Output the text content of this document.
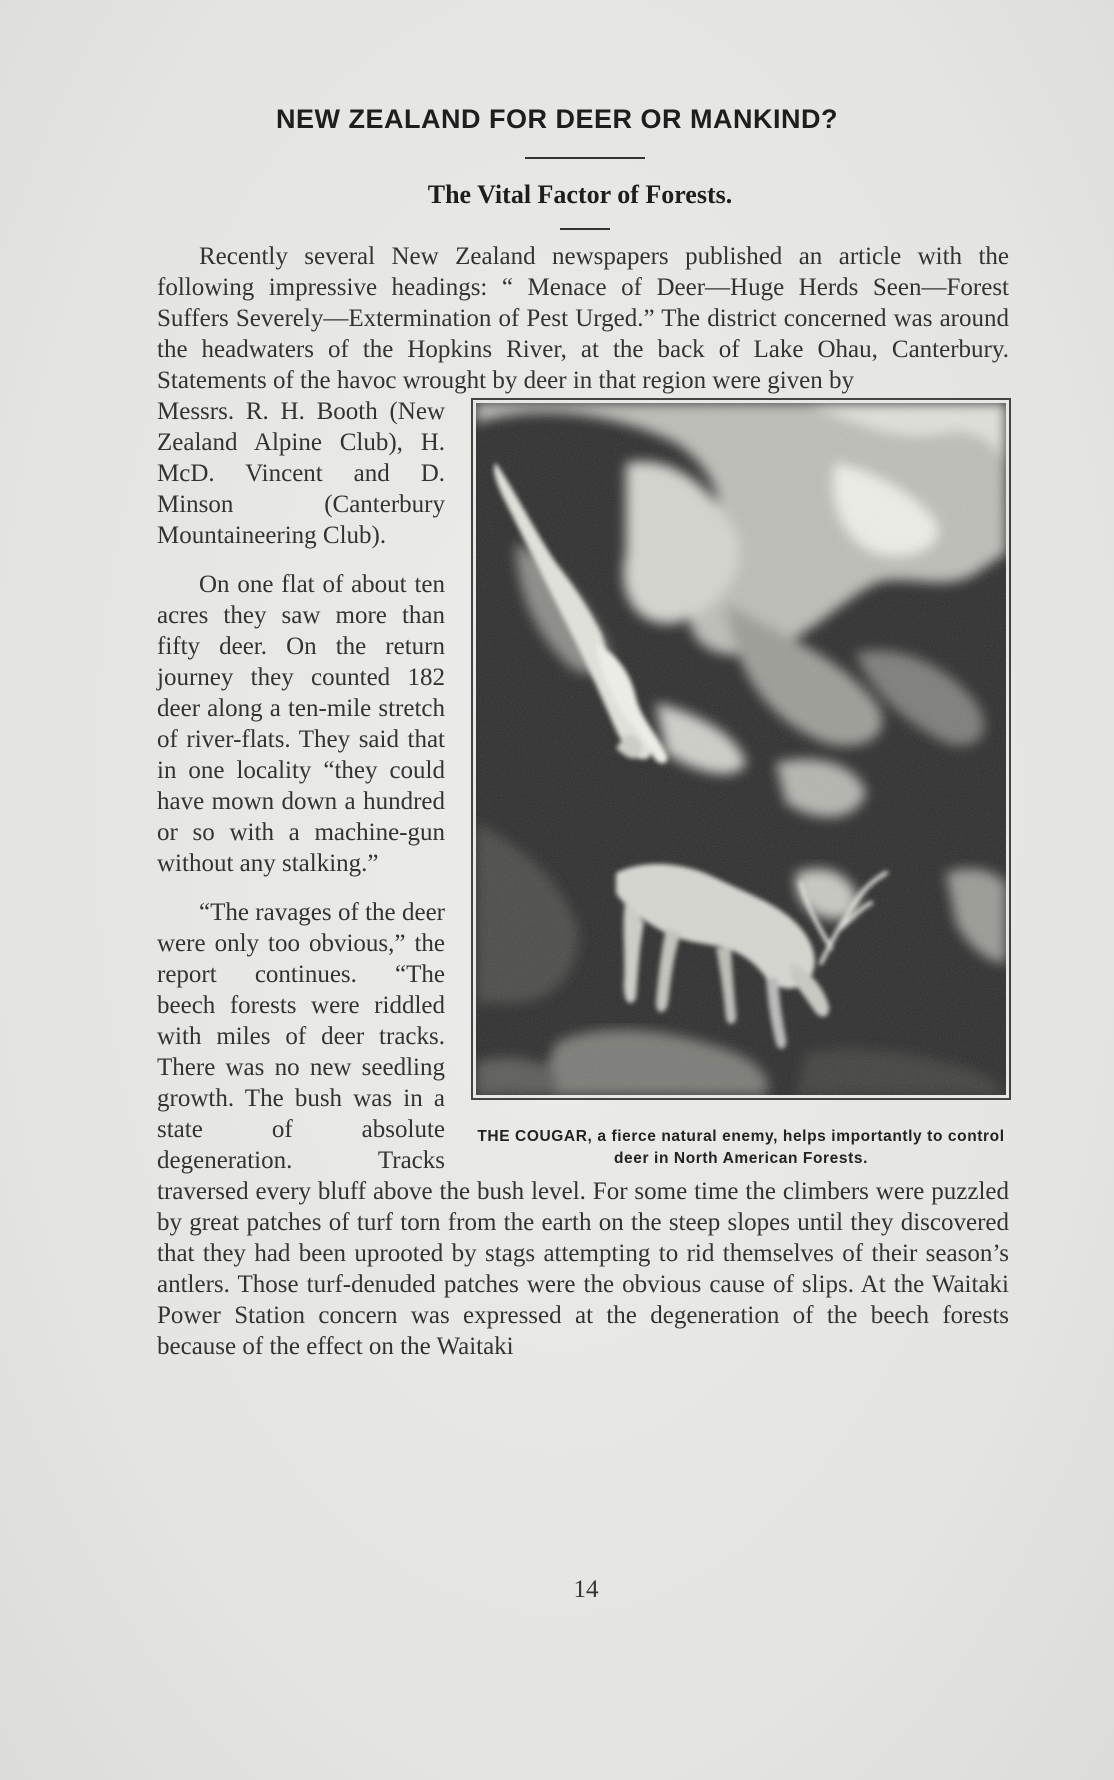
NEW ZEALAND FOR DEER OR MANKIND?
The Vital Factor of Forests.

Recently several New Zealand newspapers published an article with the following impressive headings: “ Menace of Deer—Huge Herds Seen—Forest Suffers Severely—Extermination of Pest Urged.” The district concerned was around the headwaters of the Hopkins River, at the back of Lake Ohau, Canterbury. Statements of the havoc wrought by deer in that region were given by

THE COUGAR, a fierce natural enemy, helps importantly to control deer in North American Forests.

Messrs. R. H. Booth (New Zealand Alpine Club), H. McD. Vincent and D. Minson (Canterbury Mountaineering Club).

On one flat of about ten acres they saw more than fifty deer. On the return journey they counted 182 deer along a ten-mile stretch of river-flats. They said that in one locality “they could have mown down a hundred or so with a machine-gun without any stalking.”

“The ravages of the deer were only too obvious,” the report continues. “The beech forests were riddled with miles of deer tracks. There was no new seedling growth. The bush was in a state of absolute degeneration. Tracks traversed every bluff above the bush level. For some time the climbers were puzzled by great patches of turf torn from the earth on the steep slopes until they discovered that they had been uprooted by stags attempting to rid themselves of their season’s antlers. Those turf-denuded patches were the obvious cause of slips. At the Waitaki Power Station concern was expressed at the degeneration of the beech forests because of the effect on the Waitaki

14
